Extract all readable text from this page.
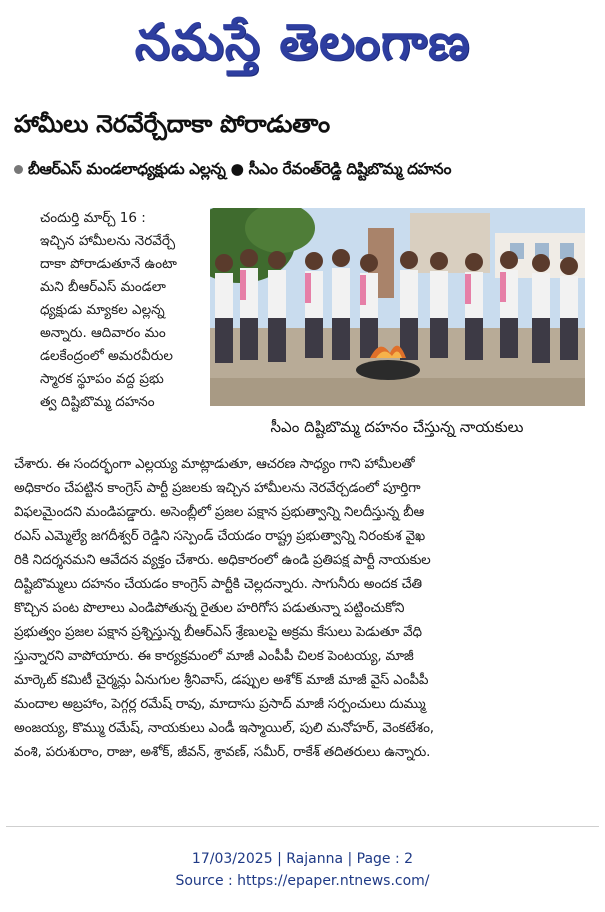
నమస్తే తెలంగాణ
హామీలు నెరవేర్చేదాకా పోరాడుతాం
బీఆర్ఎస్ మండలాధ్యక్షుడు ఎల్లన్న ● సీఎం రేవంత్‌రెడ్డి దిష్టిబొమ్మ దహనం
చందుర్తి మార్చ్ 16 :
ఇచ్చిన హామీలను నెరవేర్చే
దాకా పోరాడుతూనే ఉంటా
మని బీఆర్ఎస్ మండలా
ధ్యక్షుడు మ్యాకల ఎల్లన్న
అన్నారు. ఆదివారం మం
డలకేంద్రంలో అమరవీరుల
స్మారక స్థూపం వద్ద ప్రభు
త్వ దిష్టిబొమ్మ దహనం
సీఎం దిష్టిబొమ్మ దహనం చేస్తున్న నాయకులు
చేశారు. ఈ సందర్భంగా ఎల్లయ్య మాట్లాడుతూ, ఆచరణ సాధ్యం గాని హామీలతో
అధికారం చేపట్టిన కాంగ్రెస్ పార్టీ ప్రజలకు ఇచ్చిన హామీలను నెరవేర్చడంలో పూర్తిగా
విఫలమైందని మండిపడ్డారు. అసెంబ్లీలో ప్రజల పక్షాన ప్రభుత్వాన్ని నిలదీస్తున్న బీఆ
రఎస్ ఎమ్మెల్యే జగదీశ్వర్ రెడ్డిని సస్పెండ్ చేయడం రాష్ట్ర ప్రభుత్వాన్ని నిరంకుశ వైఖ
రికి నిదర్శనమని ఆవేదన వ్యక్తం చేశారు. అధికారంలో ఉండి ప్రతిపక్ష పార్టీ నాయకుల
దిష్టిబొమ్మలు దహనం చేయడం కాంగ్రెస్ పార్టీకి చెల్లదన్నారు. సాగునీరు అందక చేతి
కొచ్చిన పంట పొలాలు ఎండిపోతున్న రైతుల హరిగోస పడుతున్నా పట్టించుకోని
ప్రభుత్వం ప్రజల పక్షాన ప్రశ్నిస్తున్న బీఆర్ఎస్ శ్రేణులపై అక్రమ కేసులు పెడుతూ వేధి
స్తున్నారని వాపోయారు. ఈ కార్యక్రమంలో మాజీ ఎంపీపీ చిలక పెంటయ్య, మాజీ
మార్కెట్ కమిటీ చైర్మన్లు ఏనుగుల శ్రీనివాస్, డప్పుల అశోక్ మాజీ మాజీ వైస్ ఎంపీపీ
మందాల అబ్రహాం, పెగ్గర్ల రమేష్ రావు, మాదాసు ప్రసాద్ మాజీ సర్పంచులు దుమ్ము
అంజయ్య, కొమ్ము రమేష్, నాయకులు ఎండీ ఇస్మాయిల్, పులి మనోహర్, వెంకటేశం,
వంశి, పరుశురాం, రాజు, అశోక్, జీవన్, శ్రావణ్, సమీర్, రాకేశ్ తదితరులు ఉన్నారు.
17/03/2025 | Rajanna | Page : 2
Source : https://epaper.ntnews.com/
